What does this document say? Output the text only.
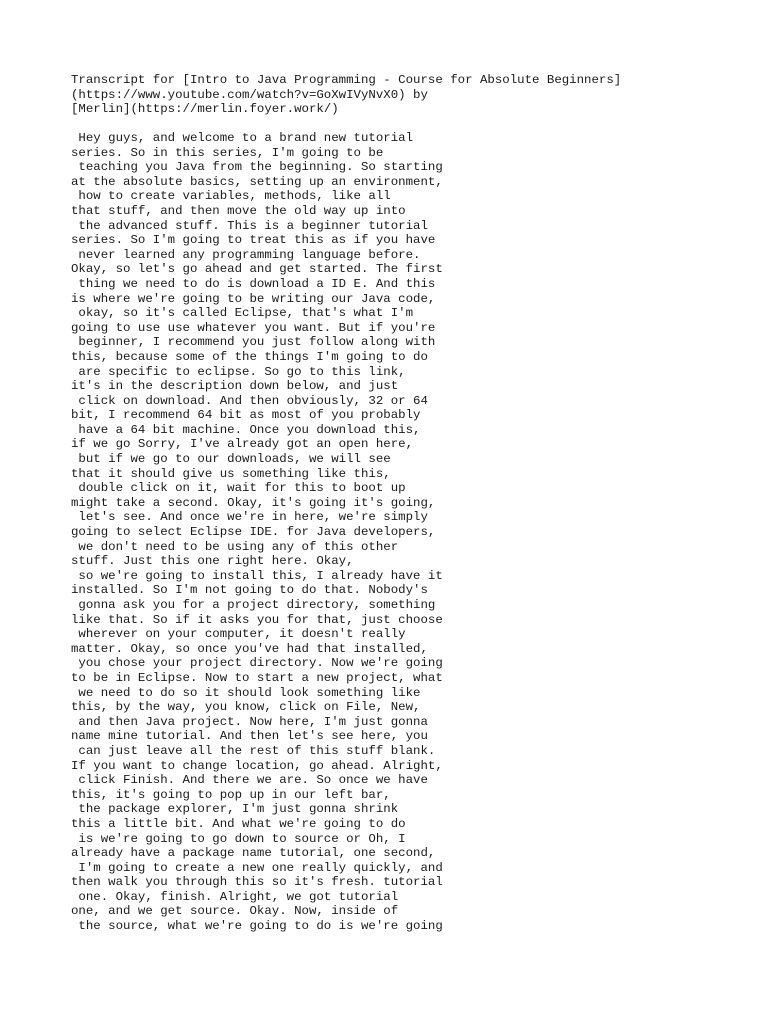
Transcript for [Intro to Java Programming - Course for Absolute Beginners]
(https://www.youtube.com/watch?v=GoXwIVyNvX0) by
[Merlin](https://merlin.foyer.work/)
Hey guys, and welcome to a brand new tutorial
series. So in this series, I'm going to be
teaching you Java from the beginning. So starting
at the absolute basics, setting up an environment,
how to create variables, methods, like all
that stuff, and then move the old way up into
the advanced stuff. This is a beginner tutorial
series. So I'm going to treat this as if you have
never learned any programming language before.
Okay, so let's go ahead and get started. The first
thing we need to do is download a ID E. And this
is where we're going to be writing our Java code,
okay, so it's called Eclipse, that's what I'm
going to use use whatever you want. But if you're
beginner, I recommend you just follow along with
this, because some of the things I'm going to do
are specific to eclipse. So go to this link,
it's in the description down below, and just
click on download. And then obviously, 32 or 64
bit, I recommend 64 bit as most of you probably
have a 64 bit machine. Once you download this,
if we go Sorry, I've already got an open here,
but if we go to our downloads, we will see
that it should give us something like this,
double click on it, wait for this to boot up
might take a second. Okay, it's going it's going,
let's see. And once we're in here, we're simply
going to select Eclipse IDE. for Java developers,
we don't need to be using any of this other
stuff. Just this one right here. Okay,
so we're going to install this, I already have it
installed. So I'm not going to do that. Nobody's
gonna ask you for a project directory, something
like that. So if it asks you for that, just choose
wherever on your computer, it doesn't really
matter. Okay, so once you've had that installed,
you chose your project directory. Now we're going
to be in Eclipse. Now to start a new project, what
we need to do so it should look something like
this, by the way, you know, click on File, New,
and then Java project. Now here, I'm just gonna
name mine tutorial. And then let's see here, you
can just leave all the rest of this stuff blank.
If you want to change location, go ahead. Alright,
click Finish. And there we are. So once we have
this, it's going to pop up in our left bar,
the package explorer, I'm just gonna shrink
this a little bit. And what we're going to do
is we're going to go down to source or Oh, I
already have a package name tutorial, one second,
I'm going to create a new one really quickly, and
then walk you through this so it's fresh. tutorial
one. Okay, finish. Alright, we got tutorial
one, and we get source. Okay. Now, inside of
the source, what we're going to do is we're going
